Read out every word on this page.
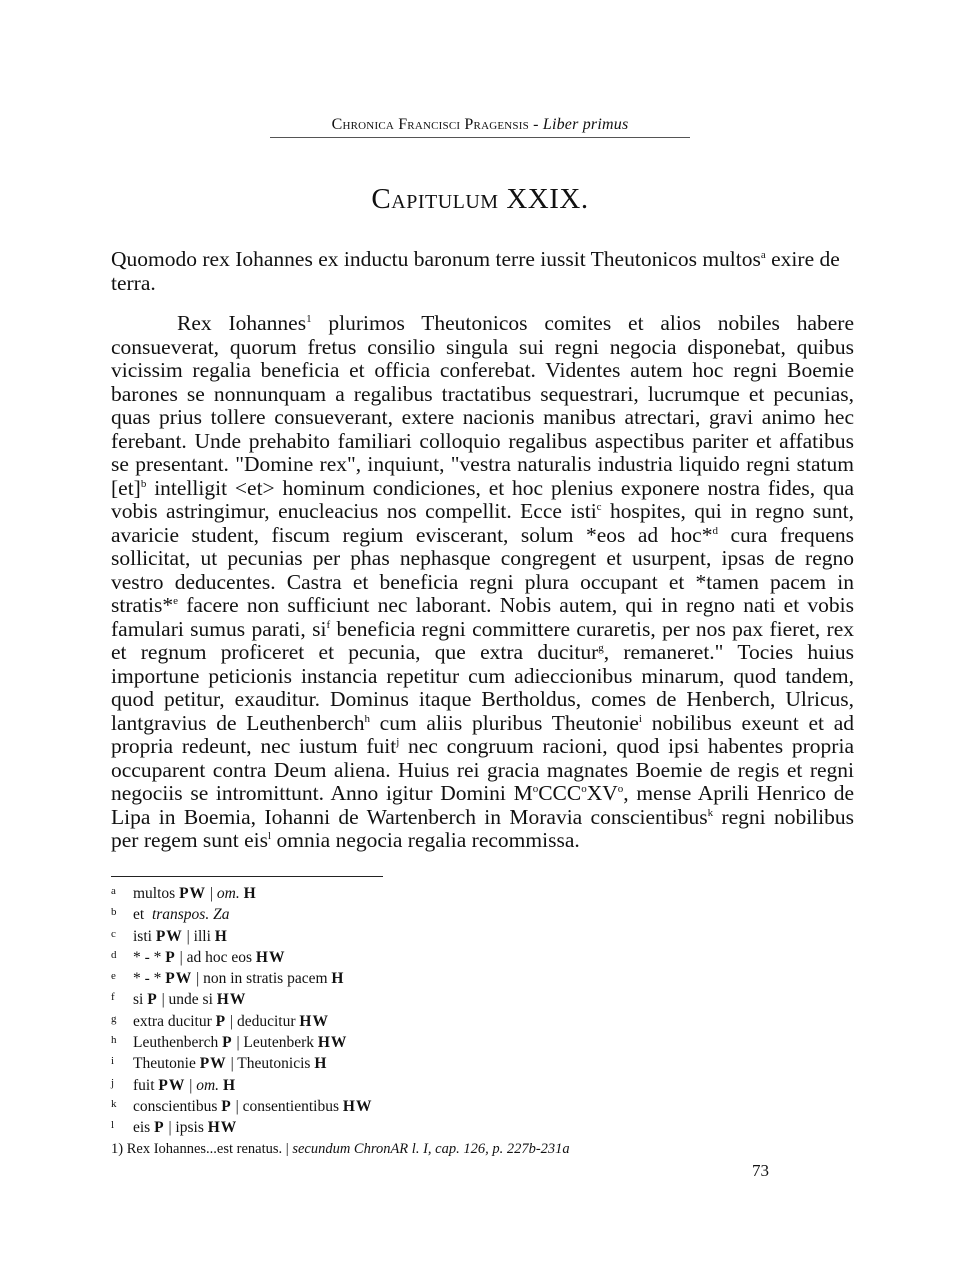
Chronica Francisci Pragensis - Liber primus
Capitulum XXIX.
Quomodo rex Iohannes ex inductu baronum terre iussit Theutonicos multos$^a$ exire de terra.

Rex Iohannes$^1$ plurimos Theutonicos comites et alios nobiles habere consueverat, quorum fretus consilio singula sui regni negocia disponebat, quibus vicissim regalia beneficia et officia conferebat. Videntes autem hoc regni Boemie barones se nonnunquam a regalibus tractatibus sequestrari, lucrumque et pecunias, quas prius tollere consueverant, extere nacionis manibus atrectari, gravi animo hec ferebant. Unde prehabito familiari colloquio regalibus aspectibus pariter et affatibus se presentant. "Domine rex", inquiunt, "vestra naturalis industria liquido regni statum [et]$^b$ intelligit <et> hominum condiciones, et hoc plenius exponere nostra fides, qua vobis astringimur, enucleacius nos compellit. Ecce isti$^c$ hospites, qui in regno sunt, avaricie student, fiscum regium eviscerant, solum *eos ad hoc*$^d$ cura frequens sollicitat, ut pecunias per phas nephasque congregent et usurpent, ipsas de regno vestro deducentes. Castra et beneficia regni plura occupant et *tamen pacem in stratis*$^e$ facere non sufficiunt nec laborant. Nobis autem, qui in regno nati et vobis famulari sumus parati, $si^f$ beneficia regni committere curaretis, per nos pax fieret, rex et regnum proficeret et pecunia, que extra ducitur$^g$, remaneret." Tocies huius importune peticionis instancia repetitur cum adieccionibus minarum, quod tandem, quod petitur, exauditur. Dominus itaque Bertholdus, comes de Henberch, Ulricus, lantgravius de Leuthenberch$^h$ cum aliis pluribus Theutonie$^i$ nobilibus exeunt et ad propria redeunt, nec iustum fuit$^j$ nec congruum racioni, quod ipsi habentes propria occuparent contra Deum aliena. Huius rei gracia magnates Boemie de regis et regni negociis se intromittunt. Anno igitur Domini $M^oCCC^oXV^o$, mense Aprili Henrico de Lipa in Boemia, Iohanni de Wartenberch in Moravia conscientibus$^k$ regni nobilibus per regem sunt eis$^l$ omnia negocia regalia recommissa.

a multos PW | om. H
b et transpos. Za
c isti PW | illi H
d * - * P | ad hoc eos HW
e * - * PW | non in stratis pacem H
f si P | unde si HW
g extra ducitur P | deducitur HW
h Leuthenberch P | Leutenberk HW
i Theutonie PW | Theutonicis H
j fuit PW | om. H
k conscientibus P | consentientibus HW
l eis P | ipsis HW
1) Rex Iohannes...est renatus. | secundum ChronAR l. I, cap. 126, p. 227b-231a
73
